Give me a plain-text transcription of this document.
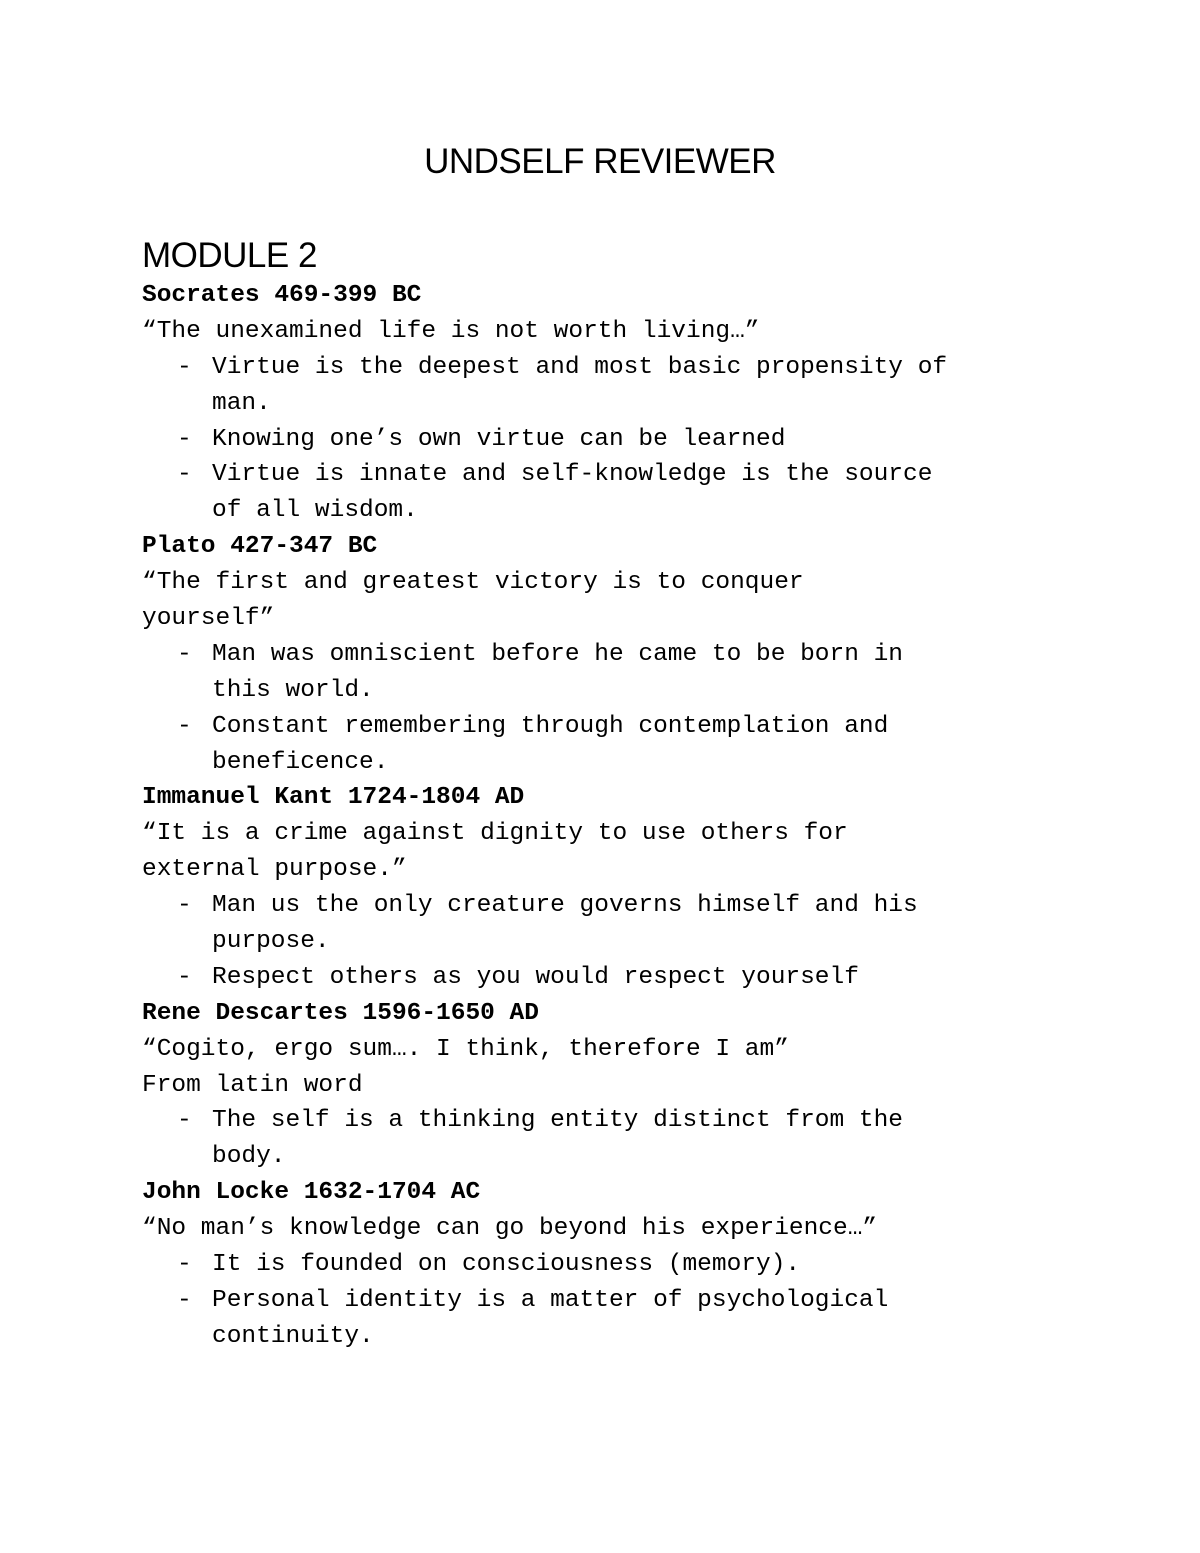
UNDSELF REVIEWER
MODULE 2
Socrates 469-399 BC
“The unexamined life is not worth living…”
- Virtue is the deepest and most basic propensity of
man.
- Knowing one’s own virtue can be learned
- Virtue is innate and self-knowledge is the source
of all wisdom.
Plato 427-347 BC
“The first and greatest victory is to conquer
yourself”
- Man was omniscient before he came to be born in
this world.
- Constant remembering through contemplation and
beneficence.
Immanuel Kant 1724-1804 AD
“It is a crime against dignity to use others for
external purpose.”
- Man us the only creature governs himself and his
purpose.
- Respect others as you would respect yourself
Rene Descartes 1596-1650 AD
“Cogito, ergo sum…. I think, therefore I am”
From latin word
- The self is a thinking entity distinct from the
body.
John Locke 1632-1704 AC
“No man’s knowledge can go beyond his experience…”
- It is founded on consciousness (memory).
- Personal identity is a matter of psychological
continuity.
